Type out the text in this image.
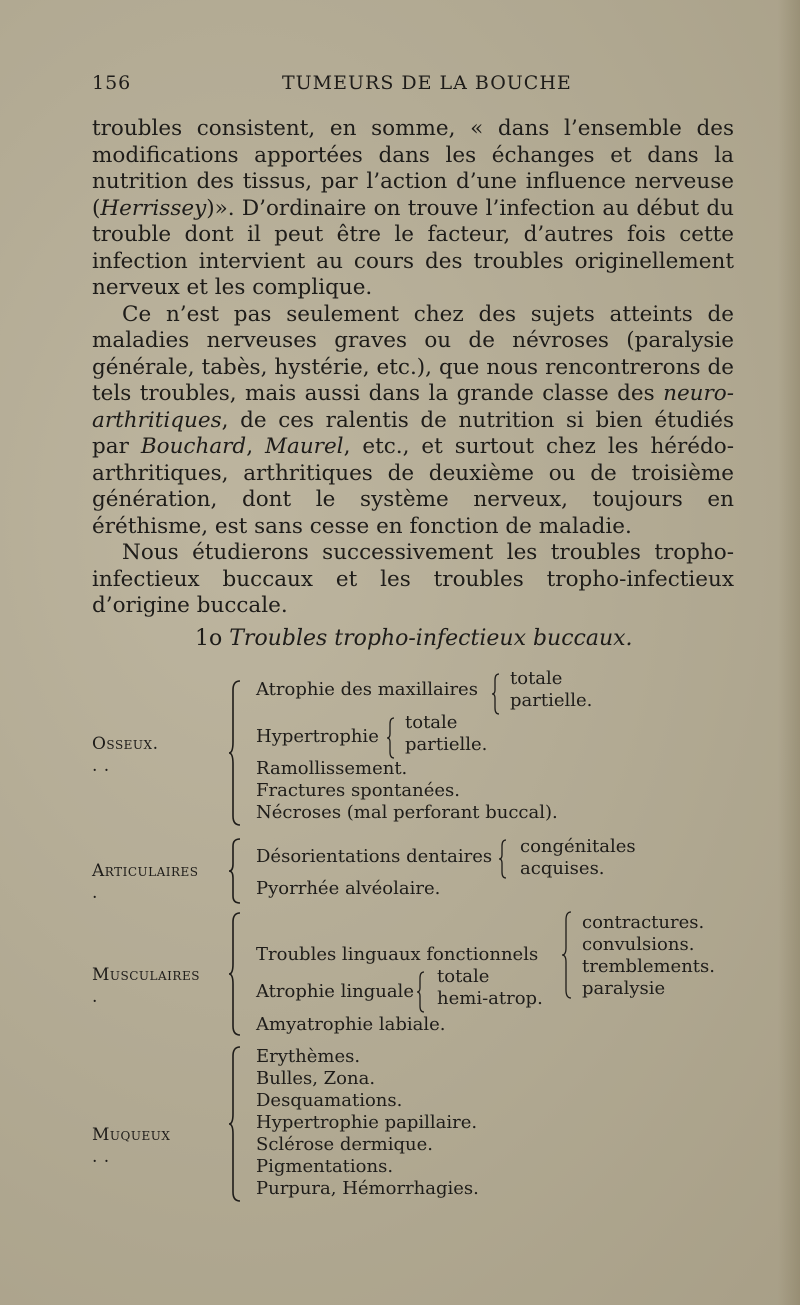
156	TUMEURS DE LA BOUCHE

troubles consistent, en somme, « dans l’ensemble des modifications apportées dans les échanges et dans la nutrition des tissus, par l’action d’une influence nerveuse (Herrissey)». D’ordinaire on trouve l’infection au début du trouble dont il peut être le facteur, d’autres fois cette infection intervient au cours des troubles originellement nerveux et les complique.

Ce n’est pas seulement chez des sujets atteints de maladies nerveuses graves ou de névroses (paralysie générale, tabès, hystérie, etc.), que nous rencontrerons de tels troubles, mais aussi dans la grande classe des neuro-arthritiques, de ces ralentis de nutrition si bien étudiés par Bouchard, Maurel, etc., et surtout chez les hérédo-arthritiques, arthritiques de deuxième ou de troisième génération, dont le système nerveux, toujours en éréthisme, est sans cesse en fonction de maladie.

Nous étudierons successivement les troubles tropho-infectieux buccaux et les troubles tropho-infectieux d’origine buccale.

1o Troubles tropho-infectieux buccaux.
Osseux. . .
Atrophie des maxillaires
totale
partielle.
Hypertrophie
totale
partielle.
Ramollissement.
Fractures spontanées.
Nécroses (mal perforant buccal).
Articulaires .
Désorientations dentaires congénitales
acquises.
Pyorrhée alvéolaire.
Musculaires .
Troubles linguaux fonctionnels
contractures.
convulsions.
tremblements.
paralysie
Atrophie linguale
totale
hemi-atrop.
Amyatrophie labiale.
Muqueux . .
Erythèmes.
Bulles, Zona.
Desquamations.
Hypertrophie papillaire.
Sclérose dermique.
Pigmentations.
Purpura, Hémorrhagies.
